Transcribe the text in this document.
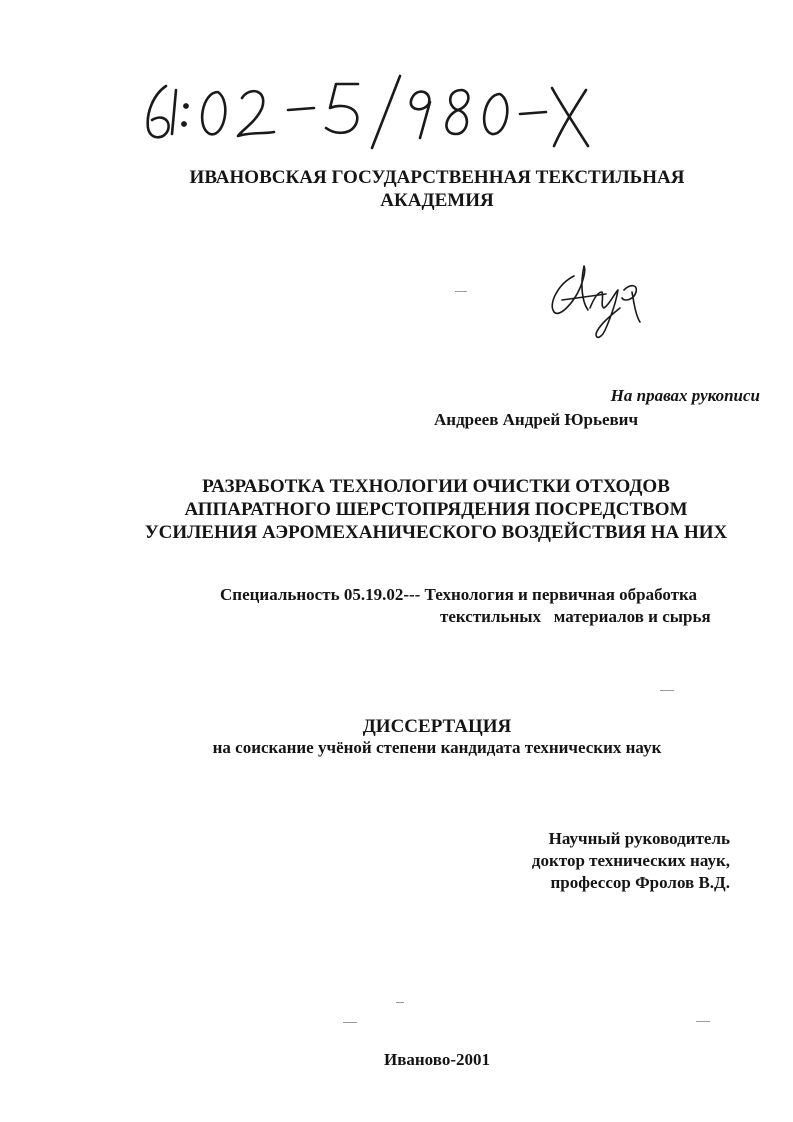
ИВАНОВСКАЯ ГОСУДАРСТВЕННАЯ ТЕКСТИЛЬНАЯ
АКАДЕМИЯ
На правах рукописи
Андреев Андрей Юрьевич
РАЗРАБОТКА ТЕХНОЛОГИИ ОЧИСТКИ ОТХОДОВ
АППАРАТНОГО ШЕРСТОПРЯДЕНИЯ ПОСРЕДСТВОМ
УСИЛЕНИЯ АЭРОМЕХАНИЧЕСКОГО ВОЗДЕЙСТВИЯ НА НИХ
Специальность 05.19.02--- Технология и первичная обработка
текстильных   материалов и сырья
ДИССЕРТАЦИЯ
на соискание учёной степени кандидата технических наук
Научный руководитель
доктор технических наук,
профессор Фролов В.Д.
Иваново-2001
